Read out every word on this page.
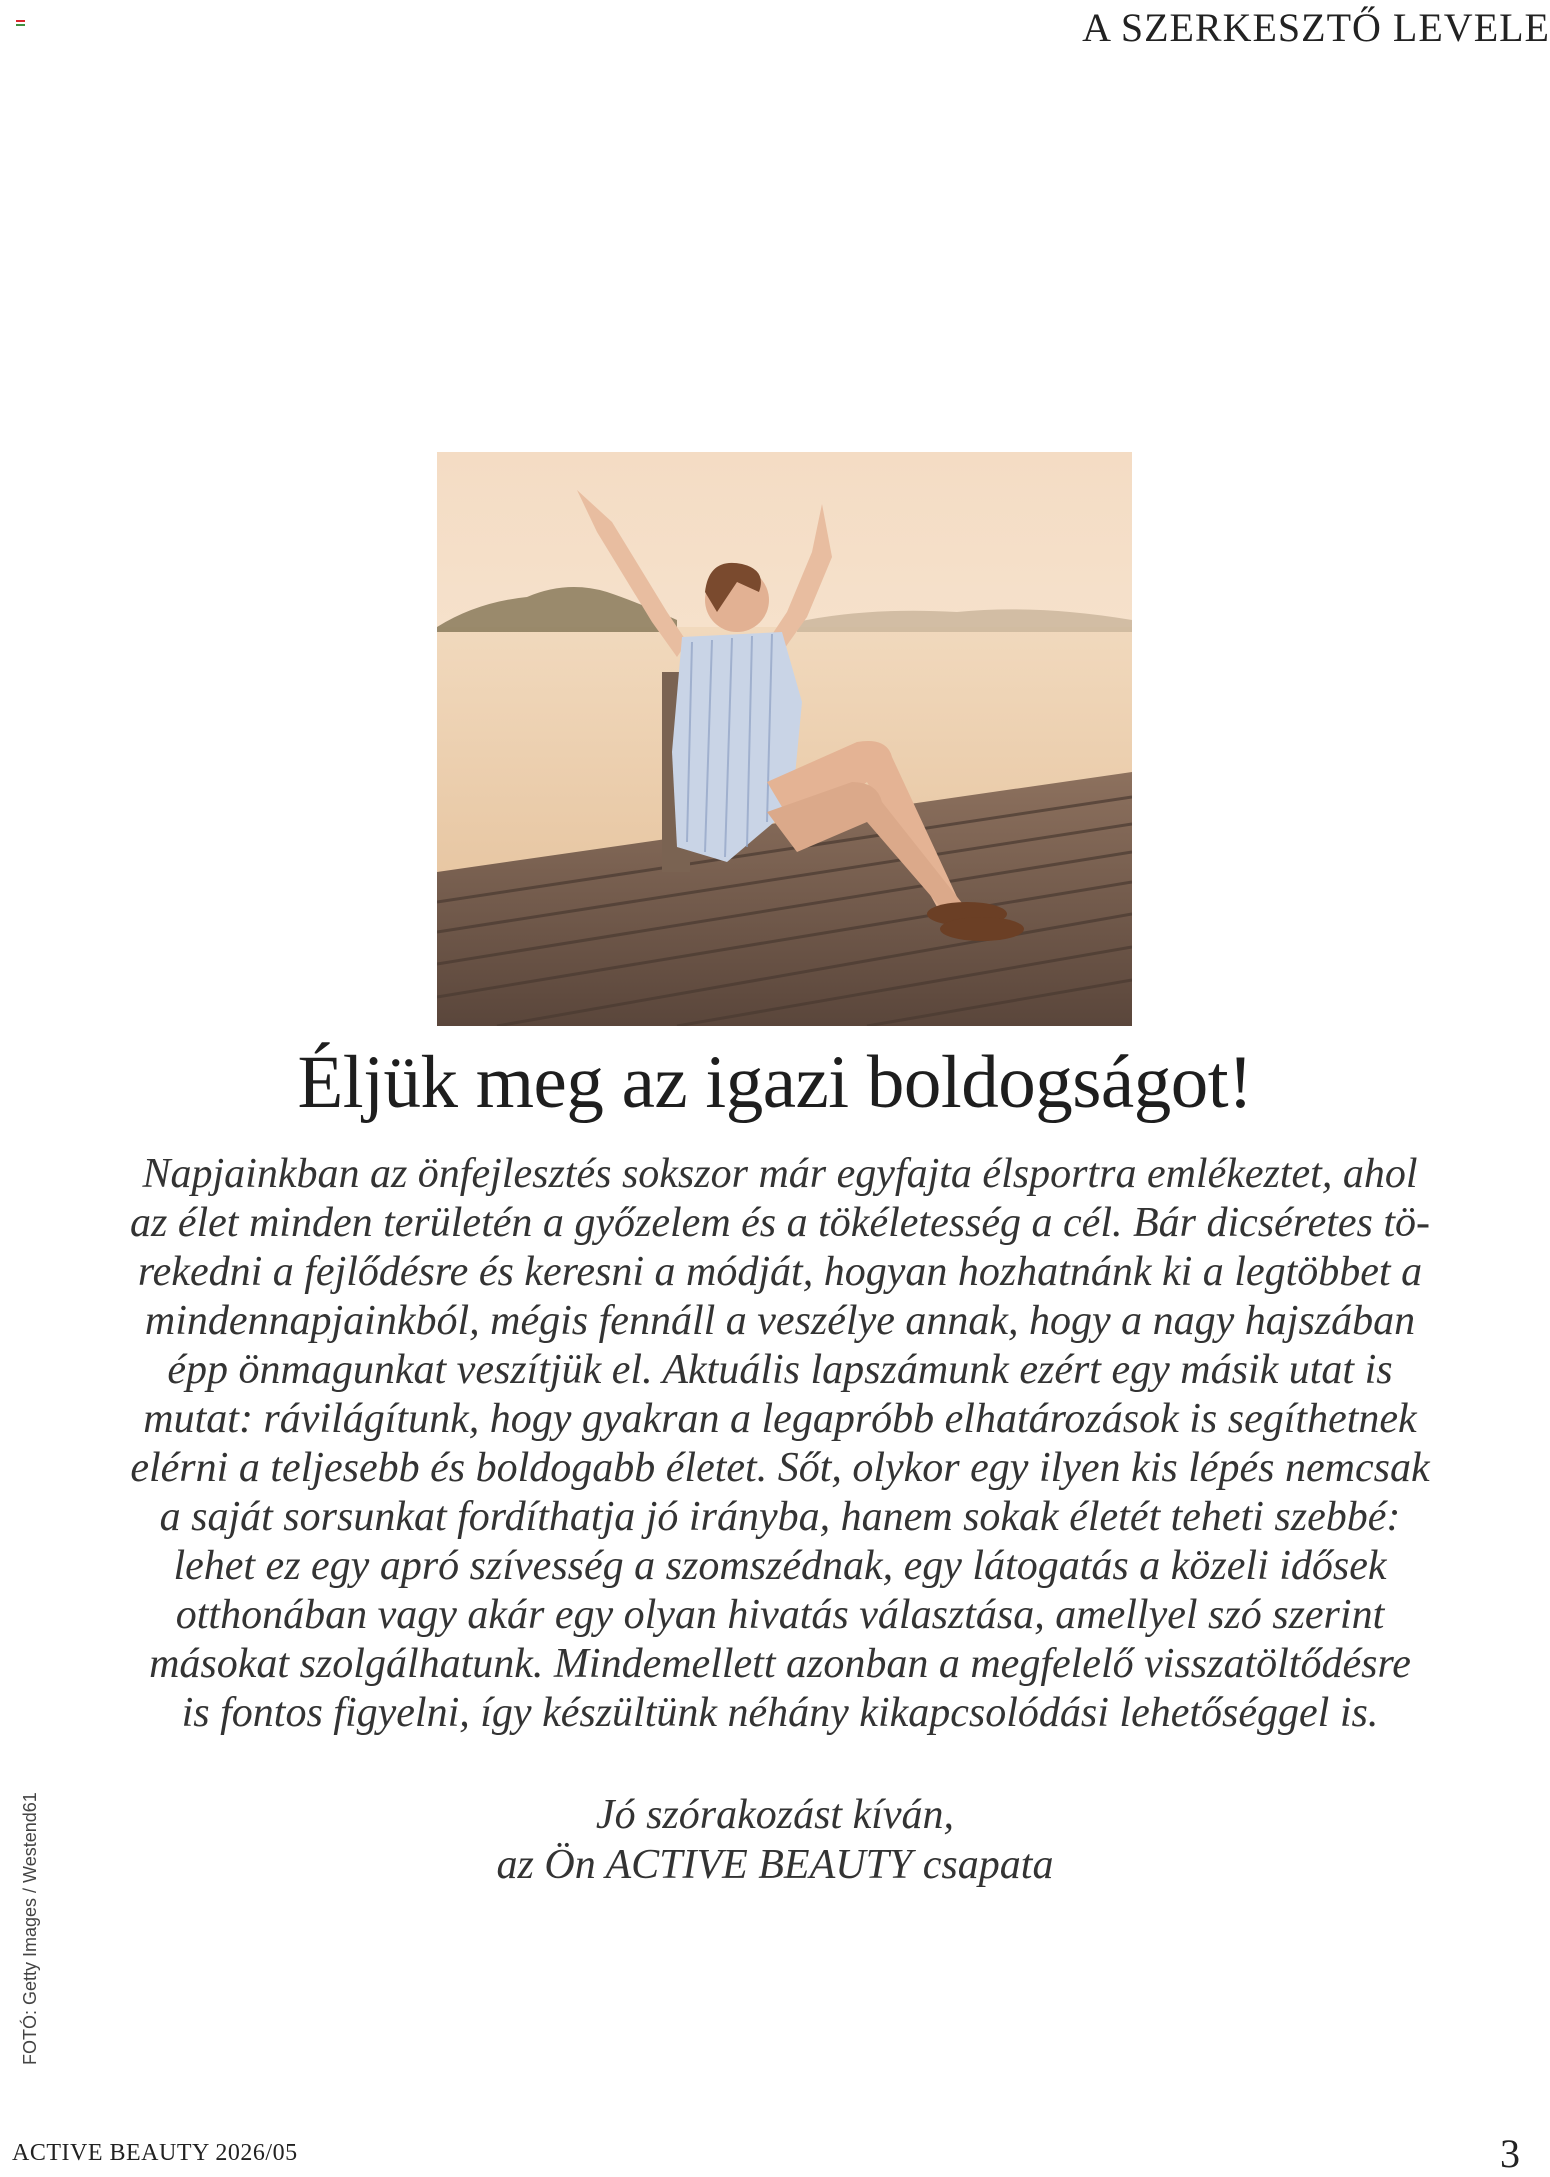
A SZERKESZTŐ LEVELE
Éljük meg az igazi boldogságot!

Napjainkban az önfejlesztés sokszor már egyfajta élsportra emlékeztet, ahol
az élet minden területén a győzelem és a tökéletesség a cél. Bár dicséretes tö-
rekedni a fejlődésre és keresni a módját, hogyan hozhatnánk ki a legtöbbet a
mindennapjainkból, mégis fennáll a veszélye annak, hogy a nagy hajszában
épp önmagunkat veszítjük el. Aktuális lapszámunk ezért egy másik utat is
mutat: rávilágítunk, hogy gyakran a legapróbb elhatározások is segíthetnek
elérni a teljesebb és boldogabb életet. Sőt, olykor egy ilyen kis lépés nemcsak
a saját sorsunkat fordíthatja jó irányba, hanem sokak életét teheti szebbé:
lehet ez egy apró szívesség a szomszédnak, egy látogatás a közeli idősek
otthonában vagy akár egy olyan hivatás választása, amellyel szó szerint
másokat szolgálhatunk. Mindemellett azonban a megfelelő visszatöltődésre
is fontos figyelni, így készültünk néhány kikapcsolódási lehetőséggel is.

Jó szórakozást kíván,
az Ön ACTIVE BEAUTY csapata
FOTÓ: Getty Images / Westend61
ACTIVE BEAUTY 2026/05	3
